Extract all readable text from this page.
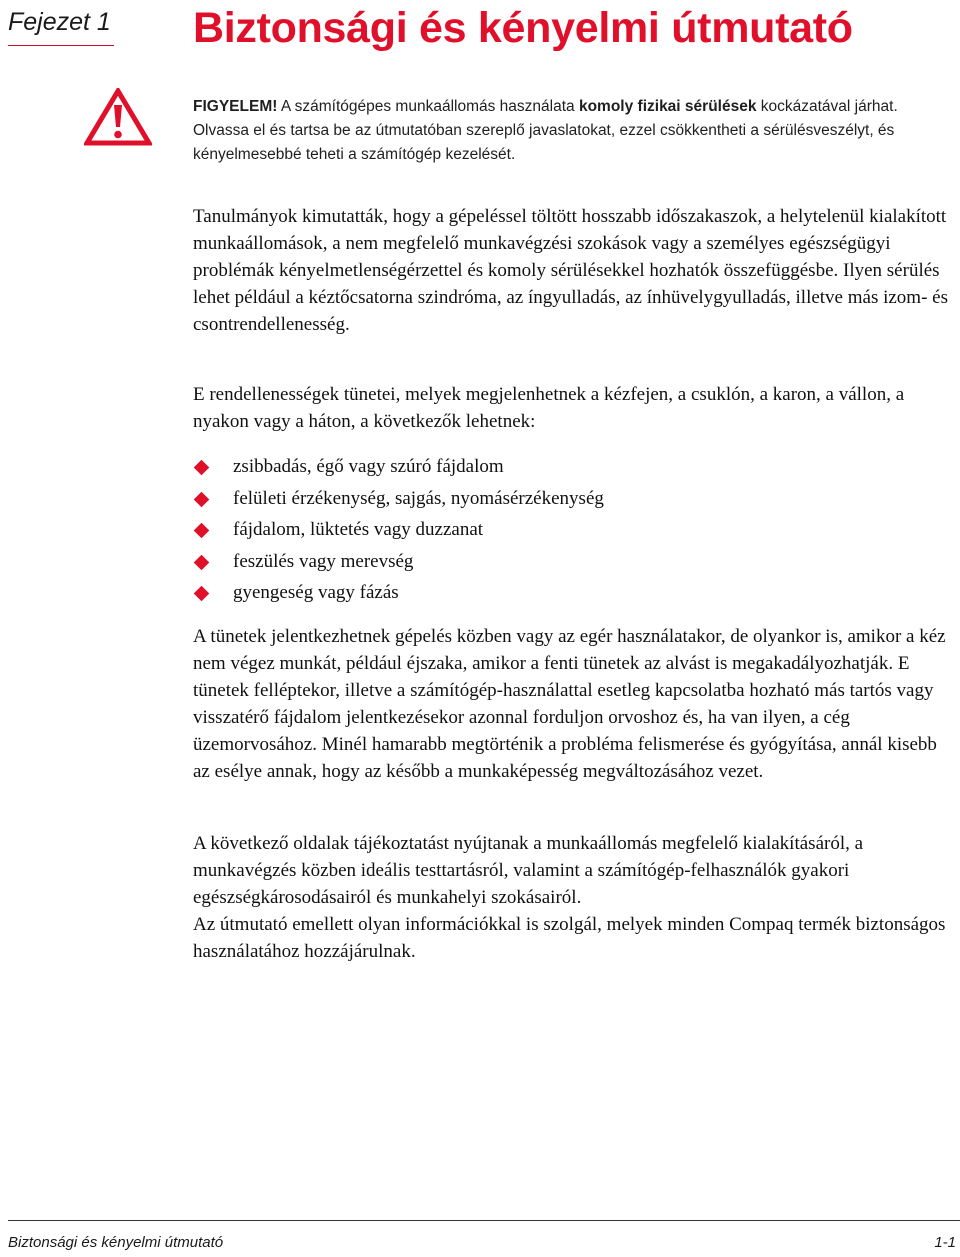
Fejezet 1 Biztonsági és kényelmi útmutató
FIGYELEM! A számítógépes munkaállomás használata komoly fizikai sérülések kockázatával járhat. Olvassa el és tartsa be az útmutatóban szereplő javaslatokat, ezzel csökkentheti a sérülésveszélyt, és kényelmesebbé teheti a számítógép kezelését.

Tanulmányok kimutatták, hogy a gépeléssel töltött hosszabb időszakaszok, a helytelenül kialakított munkaállomások, a nem megfelelő munkavégzési szokások vagy a személyes egészségügyi problémák kényelmetlenségérzettel és komoly sérülésekkel hozhatók összefüggésbe. Ilyen sérülés lehet például a kéztőcsatorna szindróma, az íngyulladás, az ínhüvelygyulladás, illetve más izom- és csontrendellenesség.

E rendellenességek tünetei, melyek megjelenhetnek a kézfejen, a csuklón, a karon, a vállon, a nyakon vagy a háton, a következők lehetnek:

zsibbadás, égő vagy szúró fájdalom
felületi érzékenység, sajgás, nyomásérzékenység
fájdalom, lüktetés vagy duzzanat
feszülés vagy merevség
gyengeség vagy fázás

A tünetek jelentkezhetnek gépelés közben vagy az egér használatakor, de olyankor is, amikor a kéz nem végez munkát, például éjszaka, amikor a fenti tünetek az alvást is megakadályozhatják. E tünetek felléptekor, illetve a számítógép-használattal esetleg kapcsolatba hozható más tartós vagy visszatérő fájdalom jelentkezésekor azonnal forduljon orvoshoz és, ha van ilyen, a cég üzemorvosához. Minél hamarabb megtörténik a probléma felismerése és gyógyítása, annál kisebb az esélye annak, hogy az később a munkaképesség megváltozásához vezet.

A következő oldalak tájékoztatást nyújtanak a munkaállomás megfelelő kialakításáról, a munkavégzés közben ideális testtartásról, valamint a számítógép-felhasználók gyakori egészségkárosodásairól és munkahelyi szokásairól.

Az útmutató emellett olyan információkkal is szolgál, melyek minden Compaq termék biztonságos használatához hozzájárulnak.

Biztonsági és kényelmi útmutató	1-1
